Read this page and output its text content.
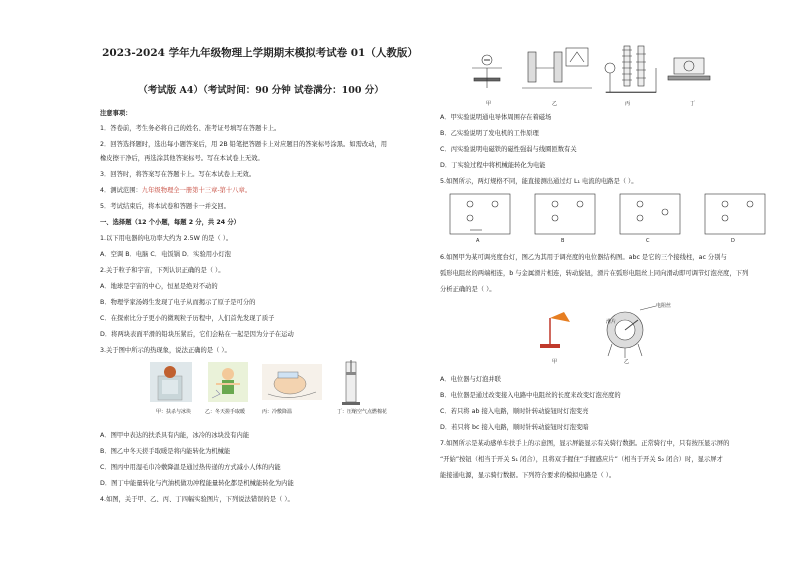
2023-2024 学年九年级物理上学期期末模拟考试卷 01（人教版）
（考试版 A4）（考试时间：90 分钟 试卷满分：100 分）
注意事项：
1．答卷前，考生务必将自己的姓名、准考证号填写在答题卡上。
2．回答选择题时，选出每小题答案后，用 2B 铅笔把答题卡上对应题目的答案标号涂黑。如需改动，用
橡皮擦干净后，再选涂其他答案标号。写在本试卷上无效。
3．回答时，将答案写在答题卡上。写在本试卷上无效。
4．测试范围：九年级物理全一册第十三章-第十八章。
5．考试结束后，将本试卷和答题卡一并交回。
一、选择题（12 个小题，每题 2 分，共 24 分）
1.以下用电器的电功率大约为 2.5W 的是（ ）。
A．空调 B．电脑 C．电饭锅 D．实验用小灯泡
2.关于粒子和宇宙，下列认识正确的是（ ）。
A．地球是宇宙的中心，恒星是绝对不动的
B．物理学家汤姆生发现了电子从而揭示了原子是可分的
C．在探索比分子更小的微观粒子历程中，人们首先发现了质子
D．将两块表面平滑的铅块压紧后，它们会粘在一起是因为分子在运动
3.关于图中所示的热现象，说法正确的是（ ）。
甲：扶杀与冰块	乙：冬天搓手取暖	丙：冷敷降温	丁：压缩空气点燃棉花
A．图甲中表达的扶杀具有内能，冰冷的冰块没有内能
B．图乙中冬天搓手取暖是将内能转化为机械能
C．图丙中用湿毛巾冷敷降温是通过热传递的方式减小人体的内能
D．图丁中能量转化与汽油机做功冲程能量转化都是机械能转化为内能
4.如图，关于甲、乙、丙、丁四幅实验图片，下列说法错误的是（ ）。
甲	乙	丙	丁
A．甲实验说明通电导体周围存在着磁场
B．乙实验说明了发电机的工作原理
C．丙实验说明电磁铁的磁性强弱与线圈匝数有关
D．丁实验过程中将机械能转化为电能
5.如图所示，两灯规格不同，能直接测出通过灯 L₁ 电流的电路是（ ）。
A	B	C	D
6.如图甲为某可调亮度台灯，图乙为其用于调亮度的电位器结构图。abc 是它的三个接线柱，ac 分别与
弧形电阻丝的两端相连，b 与金属滑片相连，转动旋钮，滑片在弧形电阻丝上同向滑动即可调节灯泡亮度，下列
分析正确的是（ ）。
电阻丝
滑片
甲	乙
A．电位器与灯泡并联
B．电位器是通过改变接入电路中电阻丝的长度来改变灯泡亮度的
C．若只将 ab 接入电路，顺时针转动旋钮时灯泡变亮
D．若只将 bc 接入电路，顺时针转动旋钮时灯泡变暗
7.如图所示是某动感单车扶手上的示意图，显示屏能显示有关骑行数据。正常骑行中，只有按压显示屏的
“开始”按钮（相当于开关 S₁ 闭合），且将双手握住“手握感应片”（相当于开关 S₂ 闭合）时，显示屏才
能接通电源，显示骑行数据。下列符合要求的模拟电路是（ ）。
